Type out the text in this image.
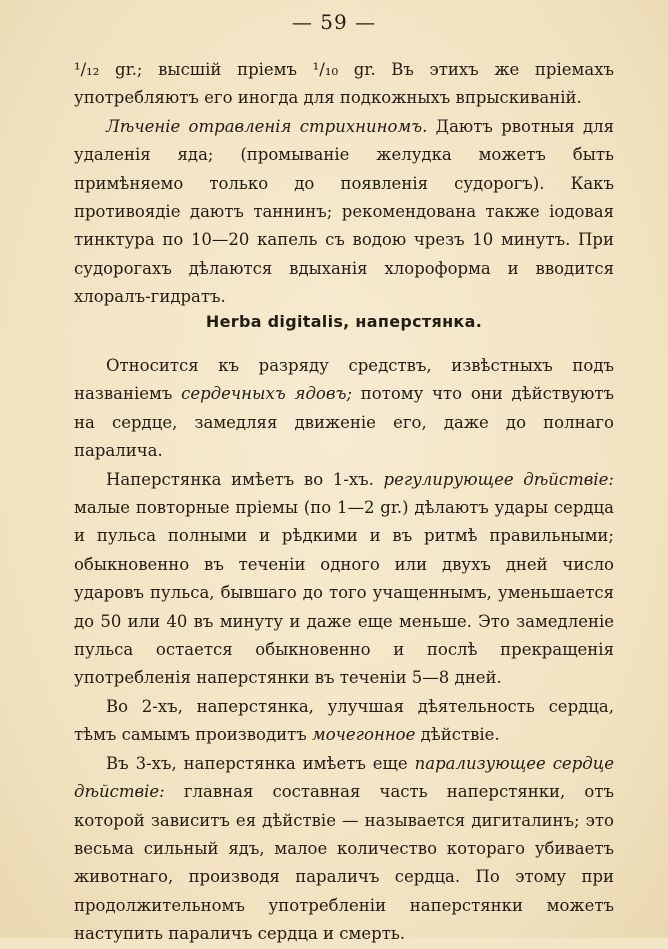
— 59 —

¹/₁₂ gr.; высшій пріемъ ¹/₁₀ gr. Въ этихъ же пріемахъ употребляютъ его иногда для подкожныхъ впрыскиваній.

Лѣченіе отравленія стрихниномъ. Даютъ рвотныя для удаленія яда; (промываніе желудка можетъ быть примѣняемо только до появленія судорогъ). Какъ противоядіе даютъ таннинъ; рекомендована также іодовая тинктура по 10—20 капель съ водою чрезъ 10 минутъ. При судорогахъ дѣлаются вдыханія хлороформа и вводится хлоралъ-гидратъ.

Herba digitalis, наперстянка.

Относится къ разряду средствъ, извѣстныхъ подъ названіемъ сердечныхъ ядовъ; потому что они дѣйствуютъ на сердце, замедляя движеніе его, даже до полнаго паралича.

Наперстянка имѣетъ во 1-хъ. регулирующее дѣйствіе: малые повторные пріемы (по 1—2 gr.) дѣлаютъ удары сердца и пульса полными и рѣдкими и въ ритмѣ правильными; обыкновенно въ теченіи одного или двухъ дней число ударовъ пульса, бывшаго до того учащеннымъ, уменьшается до 50 или 40 въ минуту и даже еще меньше. Это замедленіе пульса остается обыкновенно и послѣ прекращенія употребленія наперстянки въ теченіи 5—8 дней.

Во 2-хъ, наперстянка, улучшая дѣятельность сердца, тѣмъ самымъ производитъ мочегонное дѣйствіе.

Въ 3-хъ, наперстянка имѣетъ еще парализующее сердце дѣйствіе: главная составная часть наперстянки, отъ которой зависитъ ея дѣйствіе — называется дигиталинъ; это весьма сильный ядъ, малое количество котораго убиваетъ животнаго, производя параличъ сердца. По этому при продолжительномъ употребленіи наперстянки можетъ наступить параличъ сердца и смерть.
